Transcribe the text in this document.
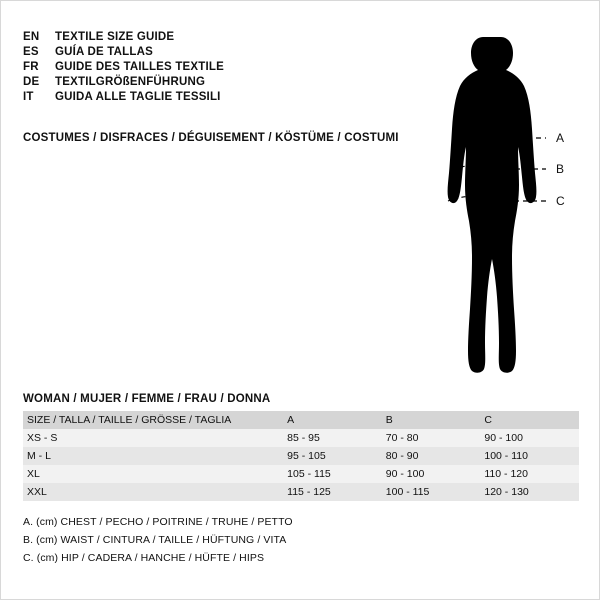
EN	TEXTILE SIZE GUIDE
ES	GUÍA DE TALLAS
FR	GUIDE DES TAILLES TEXTILE
DE	TEXTILGRÖßENFÜHRUNG
IT	GUIDA ALLE TAGLIE TESSILI
COSTUMES / DISFRACES / DÉGUISEMENT / KÖSTÜME / COSTUMI	A
B
C
WOMAN / MUJER / FEMME / FRAU / DONNA
SIZE / TALLA / TAILLE / GRÖSSE / TAGLIA	A	B	C
XS - S	85 - 95	70 - 80	90 - 100
M - L	95 - 105	80 - 90	100 - 110
XL	105 - 115	90 - 100	110 - 120
XXL	115 - 125	100 - 115	120 - 130
A. (cm) CHEST / PECHO / POITRINE / TRUHE / PETTO
B. (cm) WAIST / CINTURA / TAILLE / HÜFTUNG / VITA
C. (cm) HIP / CADERA / HANCHE / HÜFTE / HIPS
